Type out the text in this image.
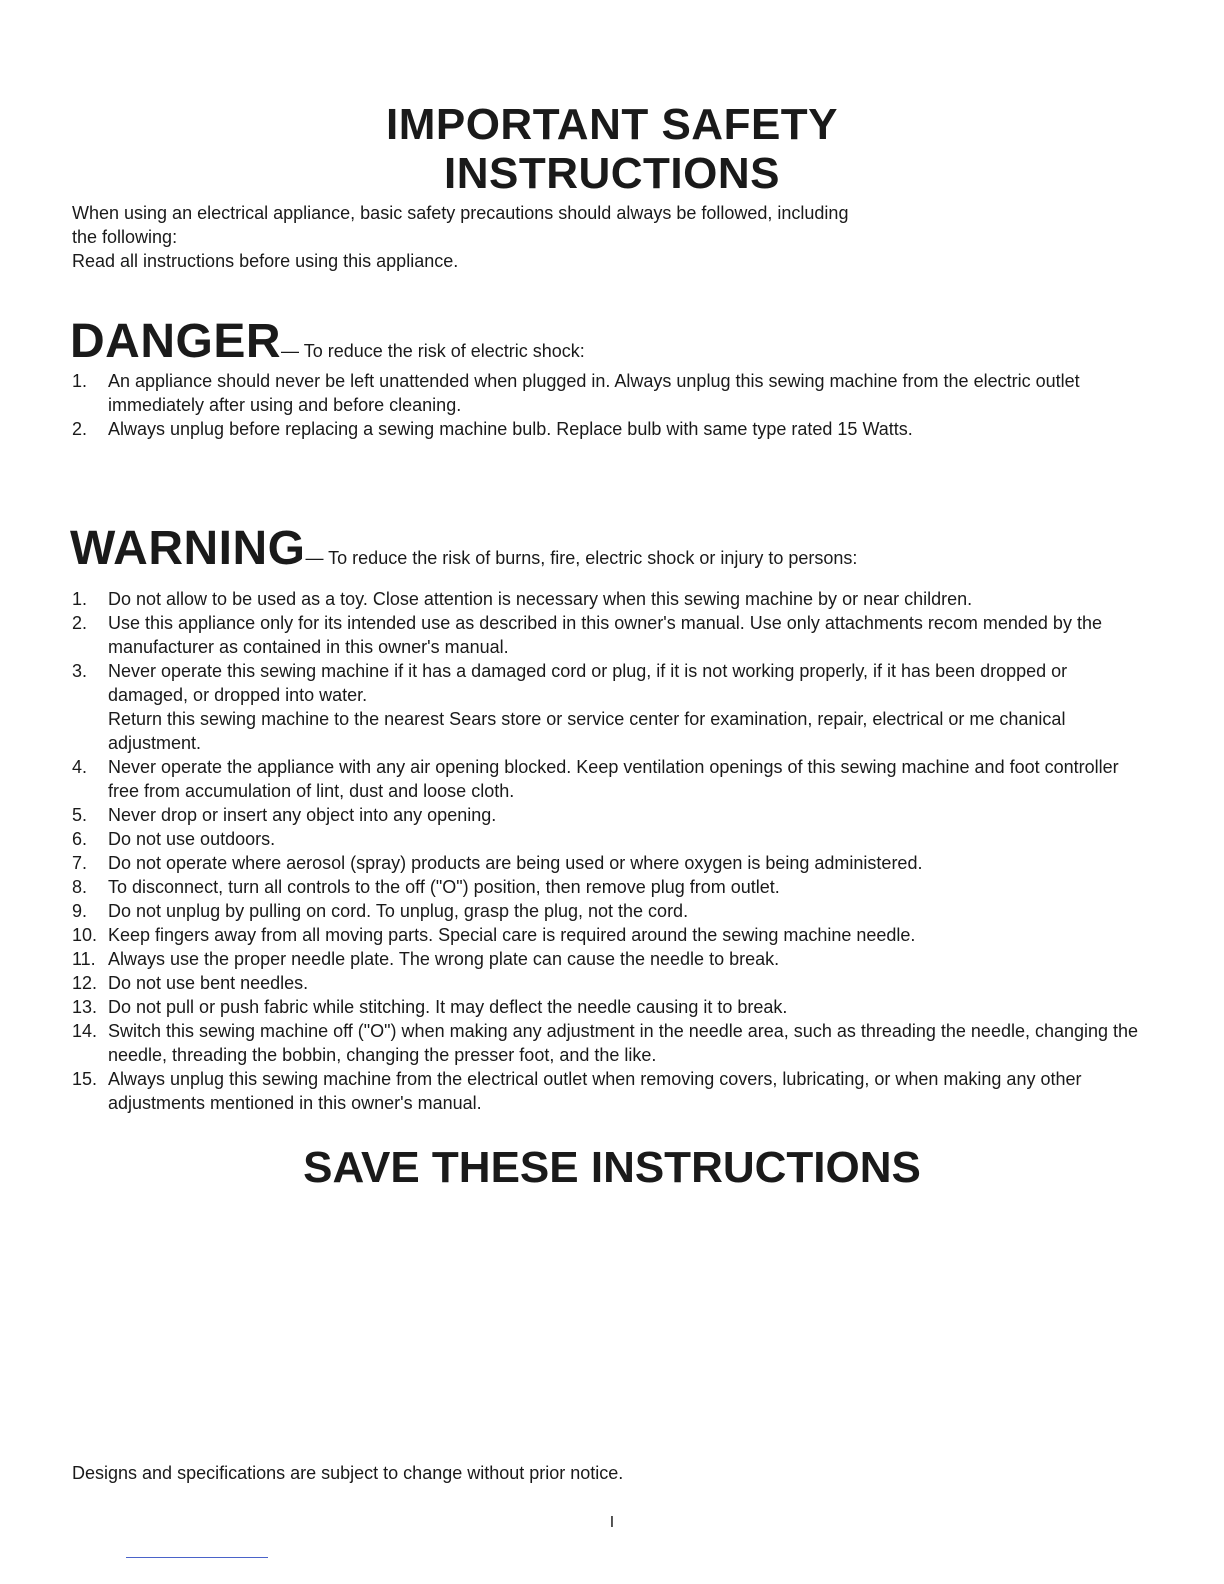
IMPORTANT SAFETY
INSTRUCTIONS

When using an electrical appliance, basic safety precautions should always be followed, including

the following:

Read all instructions before using this appliance.

DANGER— To reduce the risk of electric shock:
1.	An appliance should never be left unattended when plugged in. Always unplug this sewing machine from the electric outlet immediately after using and before cleaning.
2.	Always unplug before replacing a sewing machine bulb. Replace bulb with same type rated 15 Watts.
WARNING— To reduce the risk of burns, fire, electric shock or injury to persons:
1.	Do not allow to be used as a toy. Close attention is necessary when this sewing machine by or near children.
2.	Use this appliance only for its intended use as described in this owner's manual. Use only attachments recom mended by the manufacturer as contained in this owner's manual.
3.	Never operate this sewing machine if it has a damaged cord or plug, if it is not working properly, if it has been dropped or damaged, or dropped into water.
Return this sewing machine to the nearest Sears store or service center for examination, repair, electrical or me chanical adjustment.
4.	Never operate the appliance with any air opening blocked. Keep ventilation openings of this sewing machine and foot controller free from accumulation of lint, dust and loose cloth.
5.	Never drop or insert any object into any opening.
6.	Do not use outdoors.
7.	Do not operate where aerosol (spray) products are being used or where oxygen is being administered.
8.	To disconnect, turn all controls to the off ("O") position, then remove plug from outlet.
9.	Do not unplug by pulling on cord. To unplug, grasp the plug, not the cord.
10. Keep fingers away from all moving parts. Special care is required around the sewing machine needle.
11. Always use the proper needle plate. The wrong plate can cause the needle to break.
12. Do not use bent needles.
13. Do not pull or push fabric while stitching. It may deflect the needle causing it to break.
14. Switch this sewing machine off ("O") when making any adjustment in the needle area, such as threading the needle, changing the needle, threading the bobbin, changing the presser foot, and the like.
15. Always unplug this sewing machine from the electrical outlet when removing covers, lubricating, or when making any other adjustments mentioned in this owner's manual.
SAVE THESE INSTRUCTIONS
Designs and specifications are subject to change without prior notice.
I
